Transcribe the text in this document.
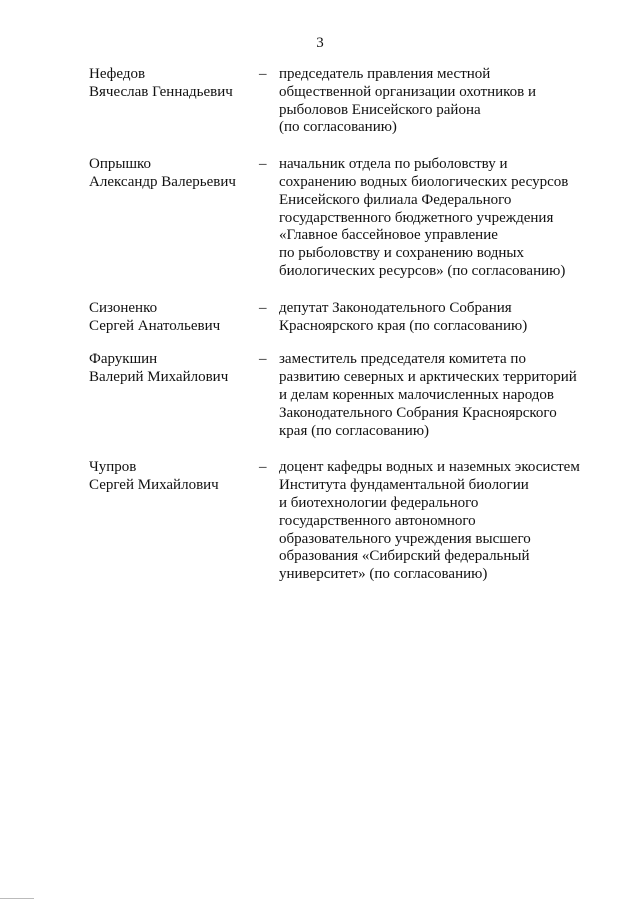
3
Нефедов
Вячеслав Геннадьевич
– председатель правления местной
общественной организации охотников и
рыболовов Енисейского района
(по согласованию)
Опрышко
Александр Валерьевич
– начальник отдела по рыболовству и
сохранению водных биологических ресурсов
Енисейского филиала Федерального
государственного бюджетного учреждения
«Главное бассейновое управление
по рыболовству и сохранению водных
биологических ресурсов» (по согласованию)
Сизоненко
Сергей Анатольевич
– депутат Законодательного Собрания
Красноярского края (по согласованию)
Фарукшин
Валерий Михайлович
– заместитель председателя комитета по
развитию северных и арктических территорий
и делам коренных малочисленных народов
Законодательного Собрания Красноярского
края (по согласованию)
Чупров
Сергей Михайлович
– доцент кафедры водных и наземных экосистем
Института фундаментальной биологии
и биотехнологии федерального
государственного автономного
образовательного учреждения высшего
образования «Сибирский федеральный
университет» (по согласованию)
